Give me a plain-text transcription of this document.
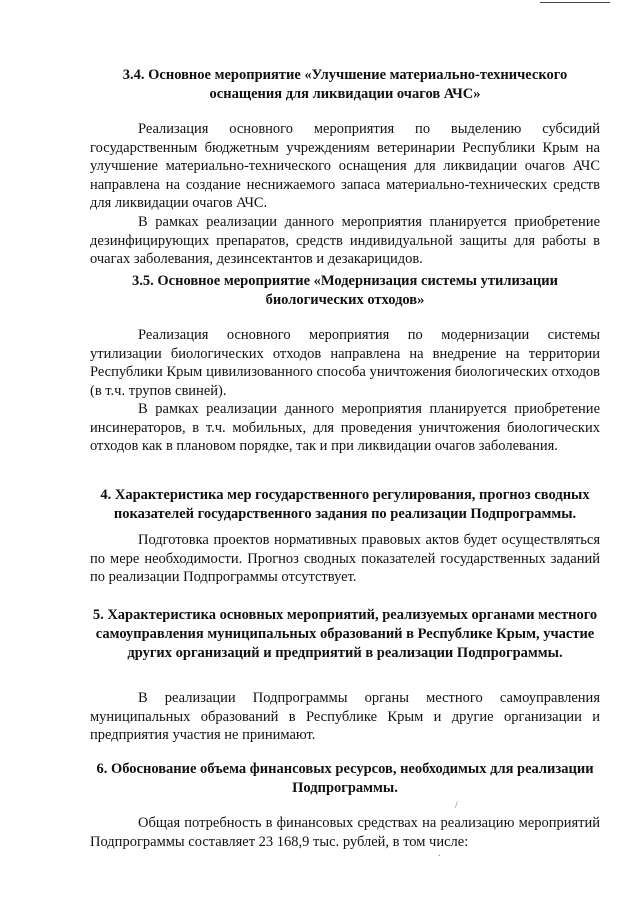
3.4. Основное мероприятие «Улучшение материально-технического оснащения для ликвидации очагов АЧС»

Реализация основного мероприятия по выделению субсидий государственным бюджетным учреждениям ветеринарии Республики Крым на улучшение материально-технического оснащения для ликвидации очагов АЧС направлена на создание неснижаемого запаса материально-технических средств для ликвидации очагов АЧС.

В рамках реализации данного мероприятия планируется приобретение дезинфицирующих препаратов, средств индивидуальной защиты для работы в очагах заболевания, дезинсектантов и дезакарицидов.

3.5. Основное мероприятие «Модернизация системы утилизации биологических отходов»

Реализация основного мероприятия по модернизации системы утилизации биологических отходов направлена на внедрение на территории Республики Крым цивилизованного способа уничтожения биологических отходов (в т.ч. трупов свиней).

В рамках реализации данного мероприятия планируется приобретение инсинераторов, в т.ч. мобильных, для проведения уничтожения биологических отходов как в плановом порядке, так и при ликвидации очагов заболевания.

4. Характеристика мер государственного регулирования, прогноз сводных показателей государственного задания по реализации Подпрограммы.

Подготовка проектов нормативных правовых актов будет осуществляться по мере необходимости. Прогноз сводных показателей государственных заданий по реализации Подпрограммы отсутствует.

5. Характеристика основных мероприятий, реализуемых органами местного самоуправления муниципальных образований в Республике Крым, участие других организаций и предприятий в реализации Подпрограммы.

В реализации Подпрограммы органы местного самоуправления муниципальных образований в Республике Крым и другие организации и предприятия участия не принимают.

6. Обоснование объема финансовых ресурсов, необходимых для реализации Подпрограммы.

Общая потребность в финансовых средствах на реализацию мероприятий Подпрограммы составляет 23 168,9 тыс. рублей, в том числе:

/
.
